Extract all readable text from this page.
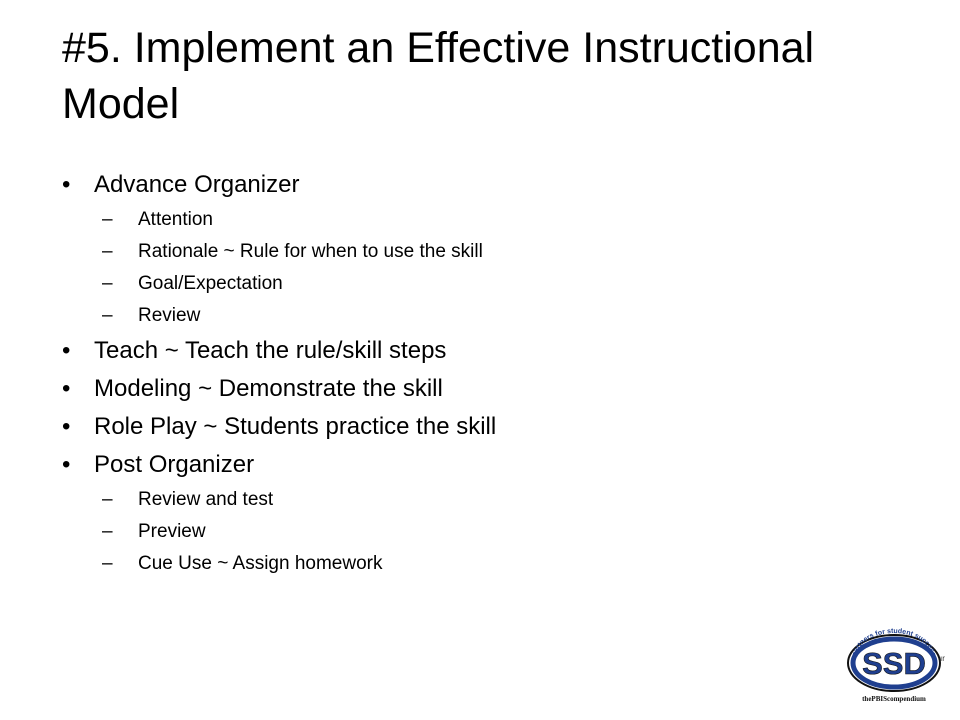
#5. Implement an Effective Instructional Model
• Advance Organizer
– Attention
– Rationale ~ Rule for when to use the skill
– Goal/Expectation
– Review
• Teach ~ Teach the rule/skill steps
• Modeling ~ Demonstrate the skill
• Role Play ~ Students practice the skill
• Post Organizer
– Review and test
– Preview
– Cue Use ~ Assign homework
partners for student success
SSD
thePBIScompendium
ır
